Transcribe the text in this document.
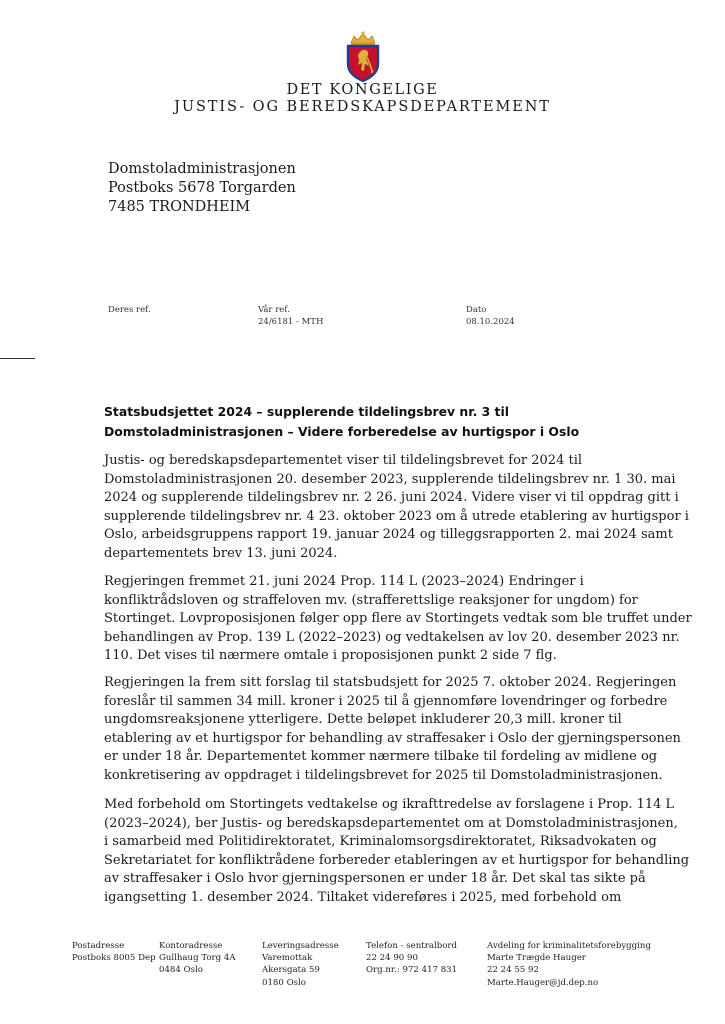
DET KONGELIGE
JUSTIS- OG BEREDSKAPSDEPARTEMENT
Domstoladministrasjonen
Postboks 5678 Torgarden
7485 TRONDHEIM
Deres ref.	Vår ref.
24/6181 - MTH
Dato
08.10.2024
Statsbudsjettet 2024 – supplerende tildelingsbrev nr. 3 til
Domstoladministrasjonen – Videre forberedelse av hurtigspor i Oslo

Justis- og beredskapsdepartementet viser til tildelingsbrevet for 2024 til
Domstoladministrasjonen 20. desember 2023, supplerende tildelingsbrev nr. 1 30. mai
2024 og supplerende tildelingsbrev nr. 2 26. juni 2024. Videre viser vi til oppdrag gitt i
supplerende tildelingsbrev nr. 4 23. oktober 2023 om å utrede etablering av hurtigspor i
Oslo, arbeidsgruppens rapport 19. januar 2024 og tilleggsrapporten 2. mai 2024 samt
departementets brev 13. juni 2024.

Regjeringen fremmet 21. juni 2024 Prop. 114 L (2023–2024) Endringer i
konfliktrådsloven og straffeloven mv. (strafferettslige reaksjoner for ungdom) for
Stortinget. Lovproposisjonen følger opp flere av Stortingets vedtak som ble truffet under
behandlingen av Prop. 139 L (2022–2023) og vedtakelsen av lov 20. desember 2023 nr.
110. Det vises til nærmere omtale i proposisjonen punkt 2 side 7 flg.

Regjeringen la frem sitt forslag til statsbudsjett for 2025 7. oktober 2024. Regjeringen
foreslår til sammen 34 mill. kroner i 2025 til å gjennomføre lovendringer og forbedre
ungdomsreaksjonene ytterligere. Dette beløpet inkluderer 20,3 mill. kroner til
etablering av et hurtigspor for behandling av straffesaker i Oslo der gjerningspersonen
er under 18 år. Departementet kommer nærmere tilbake til fordeling av midlene og
konkretisering av oppdraget i tildelingsbrevet for 2025 til Domstoladministrasjonen.

Med forbehold om Stortingets vedtakelse og ikrafttredelse av forslagene i Prop. 114 L
(2023–2024), ber Justis- og beredskapsdepartementet om at Domstoladministrasjonen,
i samarbeid med Politidirektoratet, Kriminalomsorgsdirektoratet, Riksadvokaten og
Sekretariatet for konfliktrådene forbereder etableringen av et hurtigspor for behandling
av straffesaker i Oslo hvor gjerningspersonen er under 18 år. Det skal tas sikte på
igangsetting 1. desember 2024. Tiltaket videreføres i 2025, med forbehold om

Postadresse
Postboks 8005 Dep
Kontoradresse
Gullhaug Torg 4A
0484 Oslo
Leveringsadresse
Varemottak
Akersgata 59
0180 Oslo
Telefon - sentralbord
22 24 90 90
Org.nr.: 972 417 831
Avdeling for kriminalitetsforebygging
Marte Trægde Hauger
22 24 55 92
Marte.Hauger@jd.dep.no
